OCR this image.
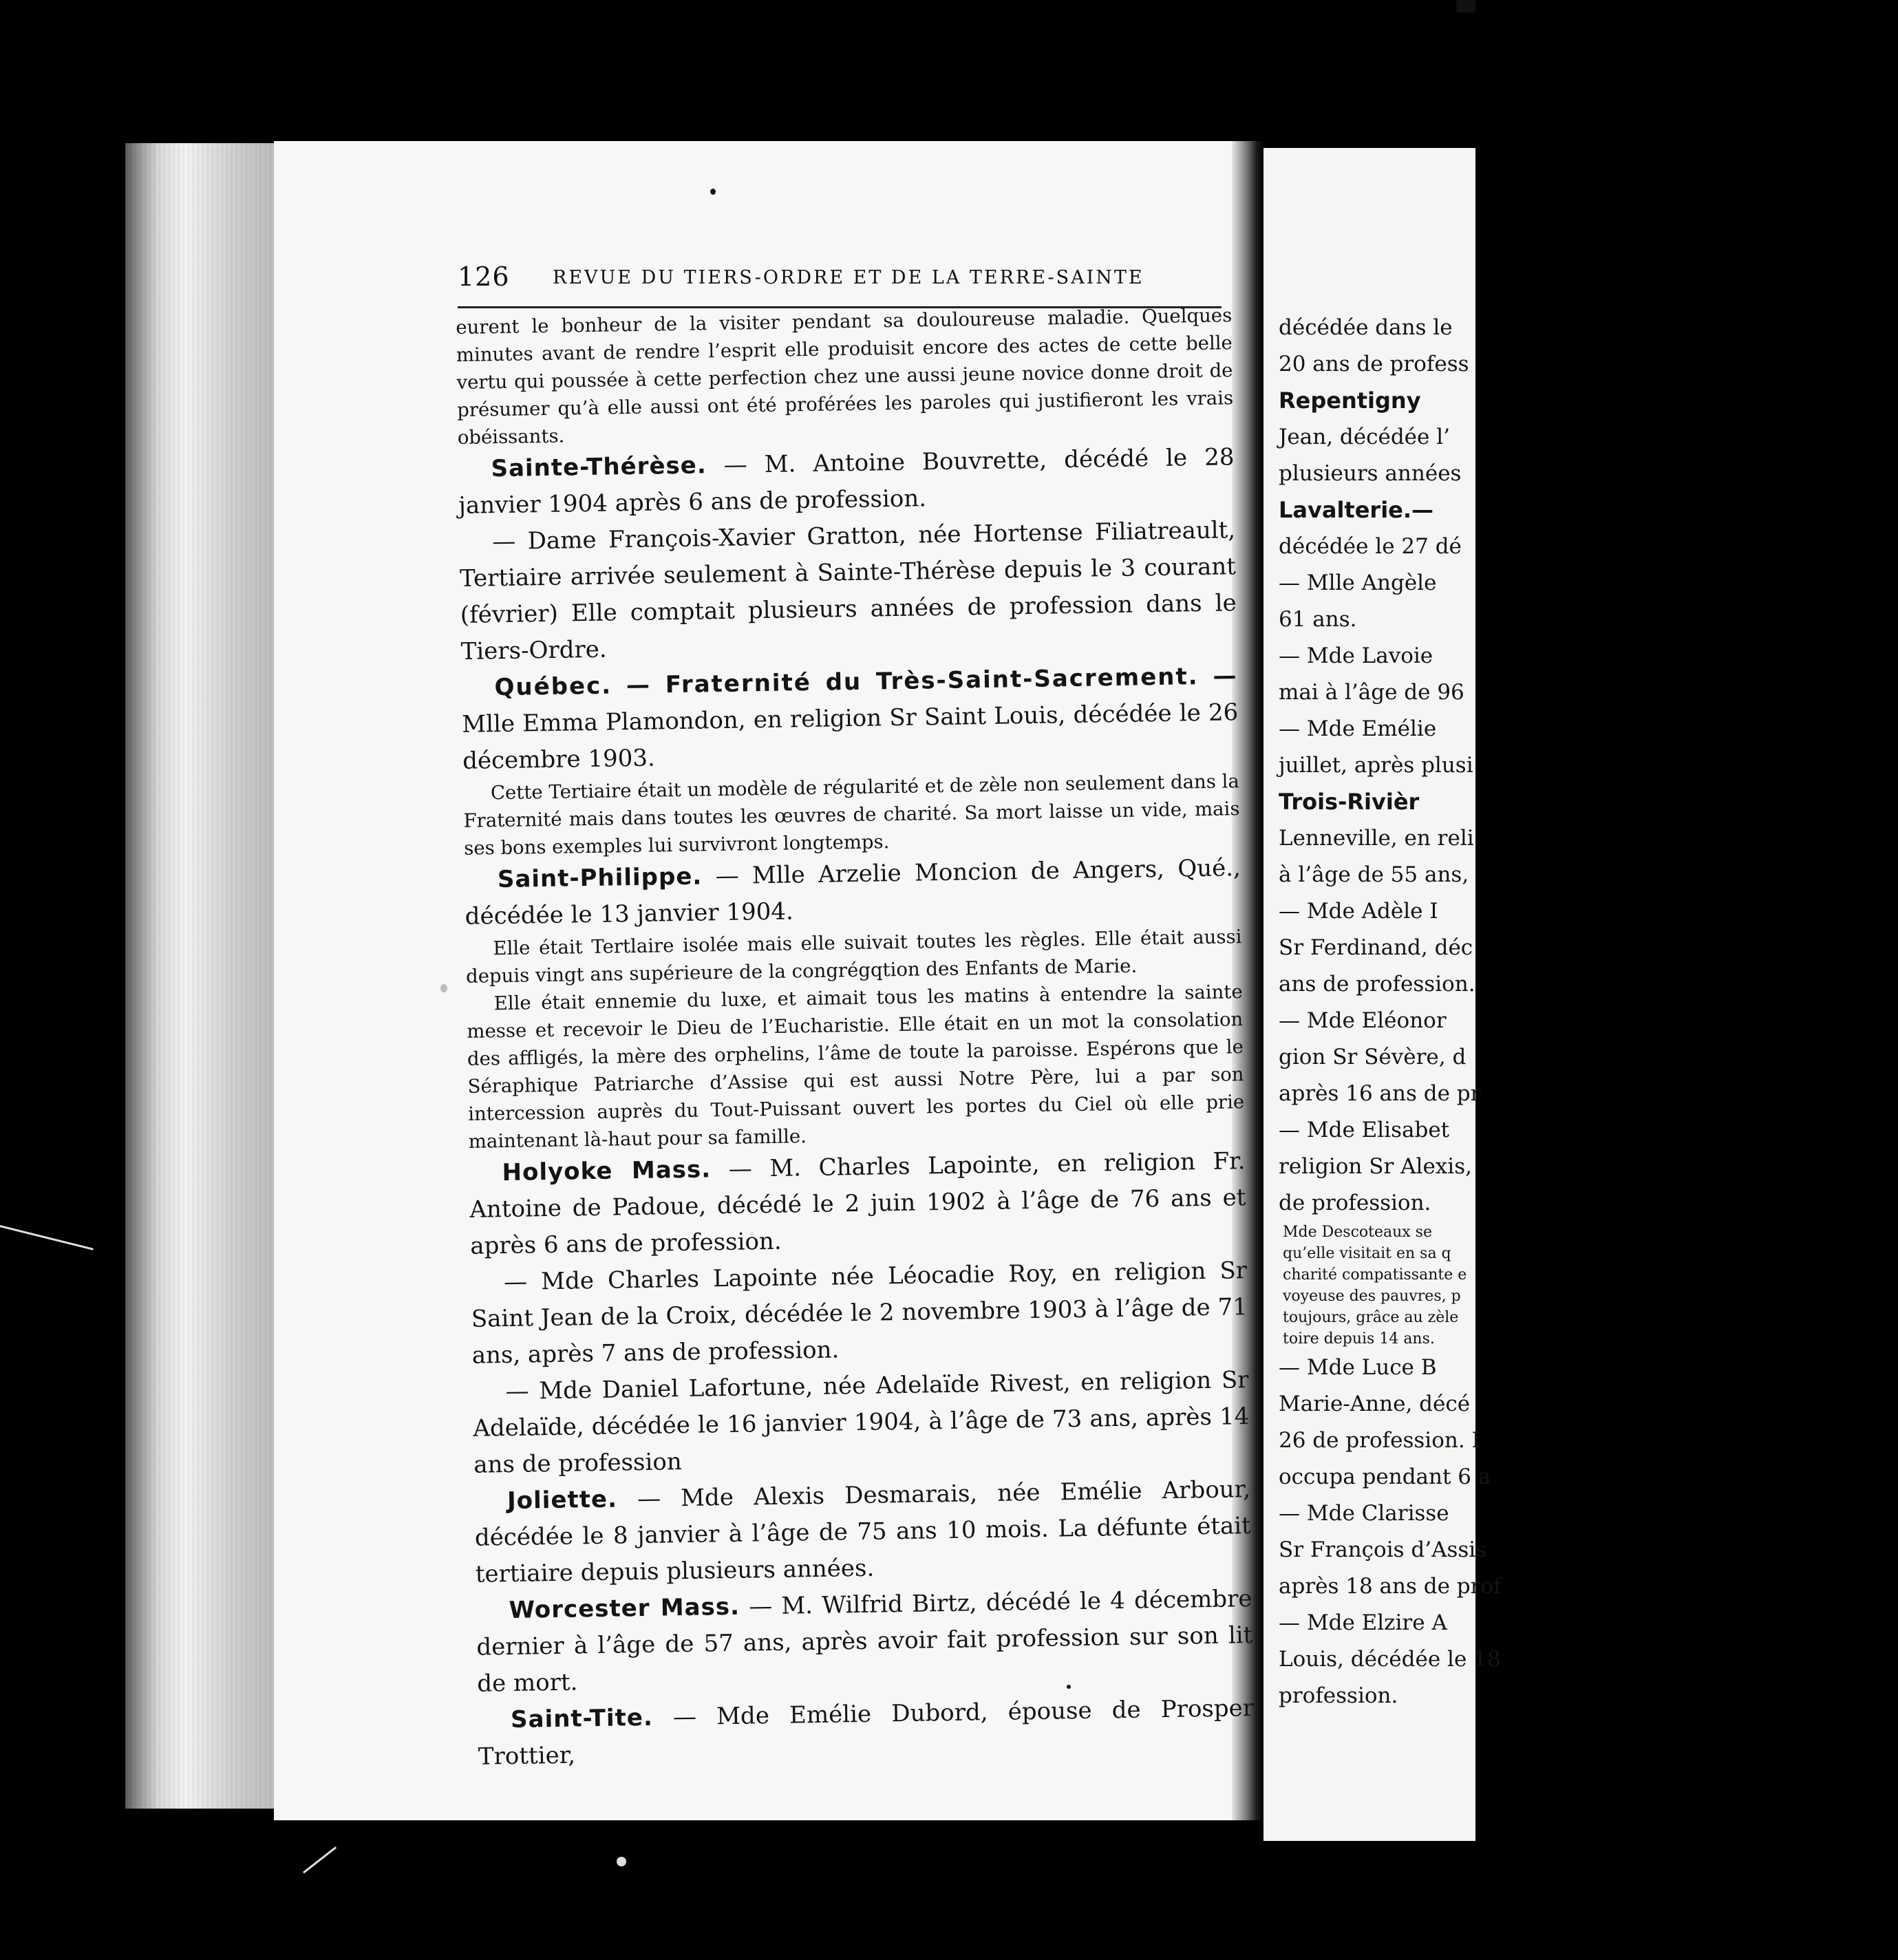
126 REVUE DU TIERS-ORDRE ET DE LA TERRE-SAINTE

eurent le bonheur de la visiter pendant sa douloureuse maladie. Quelques minutes avant de rendre l’esprit elle produisit encore des actes de cette belle vertu qui poussée à cette perfection chez une aussi jeune novice donne droit de présumer qu’à elle aussi ont été proférées les paroles qui justifieront les vrais obéissants.

Sainte-Thérèse. — M. Antoine Bouvrette, décédé le 28 janvier 1904 après 6 ans de profession.

— Dame François-Xavier Gratton, née Hortense Filiatreault, Tertiaire arrivée seulement à Sainte-Thérèse depuis le 3 courant (février) Elle comptait plusieurs années de profession dans le Tiers-Ordre.

Québec. — Fraternité du Très-Saint-Sacrement. — Mlle Emma Plamondon, en religion Sr Saint Louis, décédée le 26 décembre 1903.

Cette Tertiaire était un modèle de régularité et de zèle non seulement dans la Fraternité mais dans toutes les œuvres de charité. Sa mort laisse un vide, mais ses bons exemples lui survivront longtemps.

Saint-Philippe. — Mlle Arzelie Moncion de Angers, Qué., décédée le 13 janvier 1904.

Elle était Tertlaire isolée mais elle suivait toutes les règles. Elle était aussi depuis vingt ans supérieure de la congrégqtion des Enfants de Marie.

Elle était ennemie du luxe, et aimait tous les matins à entendre la sainte messe et recevoir le Dieu de l’Eucharistie. Elle était en un mot la consolation des affligés, la mère des orphelins, l’âme de toute la paroisse. Espérons que le Séraphique Patriarche d’Assise qui est aussi Notre Père, lui a par son intercession auprès du Tout-Puissant ouvert les portes du Ciel où elle prie maintenant là-haut pour sa famille.

Holyoke Mass. — M. Charles Lapointe, en religion Fr. Antoine de Padoue, décédé le 2 juin 1902 à l’âge de 76 ans et après 6 ans de profession.

— Mde Charles Lapointe née Léocadie Roy, en religion Sr Saint Jean de la Croix, décédée le 2 novembre 1903 à l’âge de 71 ans, après 7 ans de profession.

— Mde Daniel Lafortune, née Adelaïde Rivest, en religion Sr Adelaïde, décédée le 16 janvier 1904, à l’âge de 73 ans, après 14 ans de profession

Joliette. — Mde Alexis Desmarais, née Emélie Arbour, décédée le 8 janvier à l’âge de 75 ans 10 mois. La défunte était tertiaire depuis plusieurs années.

Worcester Mass. — M. Wilfrid Birtz, décédé le 4 décembre dernier à l’âge de 57 ans, après avoir fait profession sur son lit de mort.

Saint-Tite. — Mde Emélie Dubord, épouse de Prosper Trottier,

décédée dans le

20 ans de profess

Repentigny

Jean, décédée l’

plusieurs années

Lavalterie.—

décédée le 27 dé

— Mlle Angèle

61 ans.

— Mde Lavoie

mai à l’âge de 96

— Mde Emélie

juillet, après plusi

Trois-Rivièr

Lenneville, en reli

à l’âge de 55 ans,

— Mde Adèle I

Sr Ferdinand, déc

ans de profession.

— Mde Eléonor

gion Sr Sévère, d

après 16 ans de pr

— Mde Elisabet

religion Sr Alexis,

de profession.

Mde Descoteaux se

qu’elle visitait en sa q

charité compatissante e

voyeuse des pauvres, p

toujours, grâce au zèle

toire depuis 14 ans.

— Mde Luce B

Marie-Anne, décé

26 de profession. I

occupa pendant 6 a

— Mde Clarisse

Sr François d’Assis

après 18 ans de prof

— Mde Elzire A

Louis, décédée le 18

profession.
